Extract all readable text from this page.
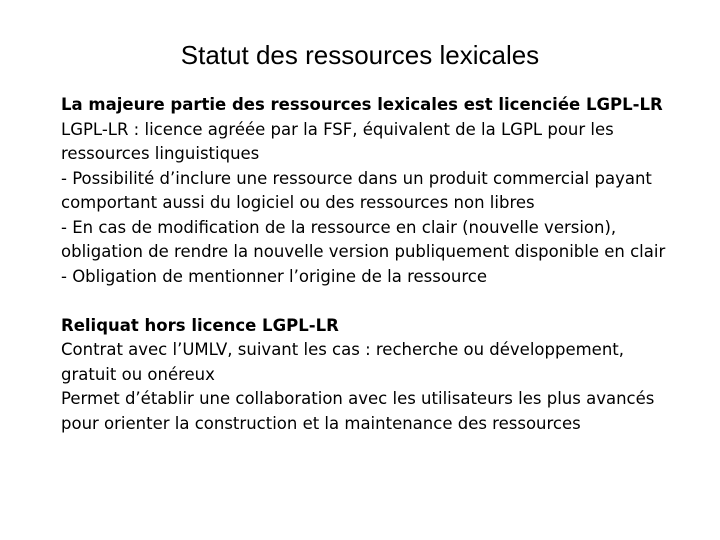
Statut des ressources lexicales

La majeure partie des ressources lexicales est licenciée LGPL-LR

LGPL-LR : licence agréée par la FSF, équivalent de la LGPL pour les ressources linguistiques

- Possibilité d’inclure une ressource dans un produit commercial payant comportant aussi du logiciel ou des ressources non libres

- En cas de modification de la ressource en clair (nouvelle version), obligation de rendre la nouvelle version publiquement disponible en clair

- Obligation de mentionner l’origine de la ressource

Reliquat hors licence LGPL-LR

Contrat avec l’UMLV, suivant les cas : recherche ou développement, gratuit ou onéreux

Permet d’établir une collaboration avec les utilisateurs les plus avancés pour orienter la construction et la maintenance des ressources
